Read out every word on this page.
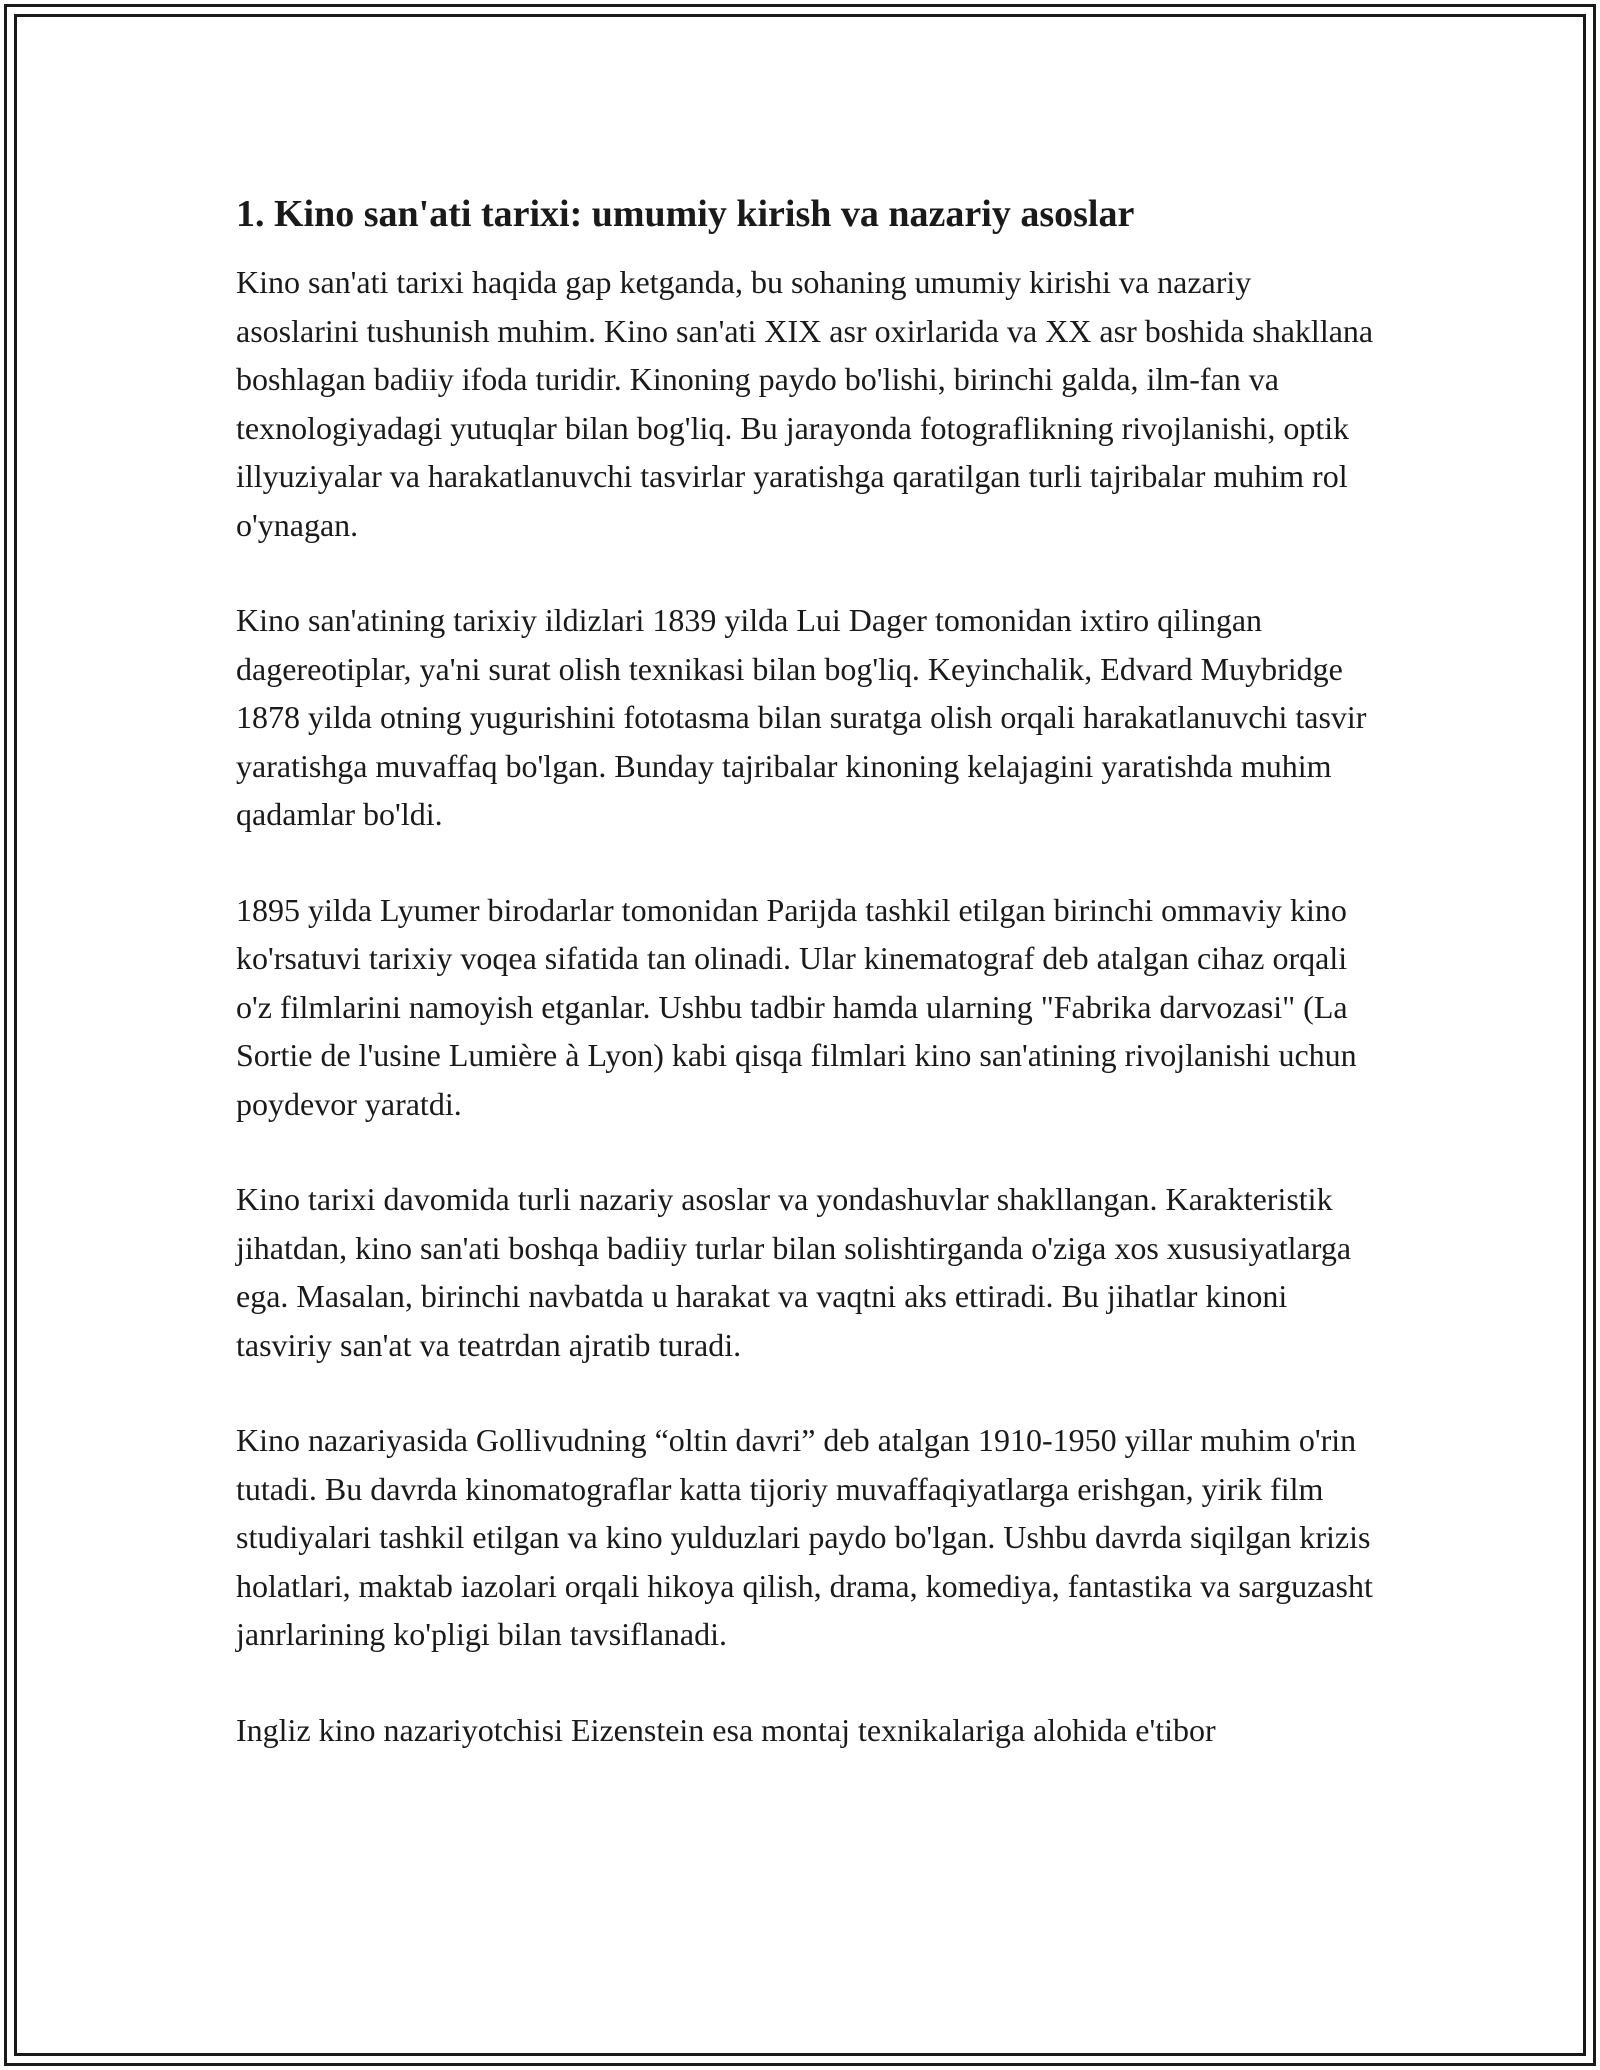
1. Kino san'ati tarixi: umumiy kirish va nazariy asoslar

Kino san'ati tarixi haqida gap ketganda, bu sohaning umumiy kirishi va nazariy asoslarini tushunish muhim. Kino san'ati XIX asr oxirlarida va XX asr boshida shakllana boshlagan badiiy ifoda turidir. Kinoning paydo bo'lishi, birinchi galda, ilm-fan va texnologiyadagi yutuqlar bilan bog'liq. Bu jarayonda fotograflikning rivojlanishi, optik illyuziyalar va harakatlanuvchi tasvirlar yaratishga qaratilgan turli tajribalar muhim rol o'ynagan.

Kino san'atining tarixiy ildizlari 1839 yilda Lui Dager tomonidan ixtiro qilingan dagereotiplar, ya'ni surat olish texnikasi bilan bog'liq. Keyinchalik, Edvard Muybridge 1878 yilda otning yugurishini fototasma bilan suratga olish orqali harakatlanuvchi tasvir yaratishga muvaffaq bo'lgan. Bunday tajribalar kinoning kelajagini yaratishda muhim qadamlar bo'ldi.

1895 yilda Lyumer birodarlar tomonidan Parijda tashkil etilgan birinchi ommaviy kino ko'rsatuvi tarixiy voqea sifatida tan olinadi. Ular kinematograf deb atalgan cihaz orqali o'z filmlarini namoyish etganlar. Ushbu tadbir hamda ularning "Fabrika darvozasi" (La Sortie de l'usine Lumière à Lyon) kabi qisqa filmlari kino san'atining rivojlanishi uchun poydevor yaratdi.

Kino tarixi davomida turli nazariy asoslar va yondashuvlar shakllangan. Karakteristik jihatdan, kino san'ati boshqa badiiy turlar bilan solishtirganda o'ziga xos xususiyatlarga ega. Masalan, birinchi navbatda u harakat va vaqtni aks ettiradi. Bu jihatlar kinoni tasviriy san'at va teatrdan ajratib turadi.

Kino nazariyasida Gollivudning “oltin davri” deb atalgan 1910-1950 yillar muhim o'rin tutadi. Bu davrda kinomatograflar katta tijoriy muvaffaqiyatlarga erishgan, yirik film studiyalari tashkil etilgan va kino yulduzlari paydo bo'lgan. Ushbu davrda siqilgan krizis holatlari, maktab iazolari orqali hikoya qilish, drama, komediya, fantastika va sarguzasht janrlarining ko'pligi bilan tavsiflanadi.

Ingliz kino nazariyotchisi Eizenstein esa montaj texnikalariga alohida e'tibor
